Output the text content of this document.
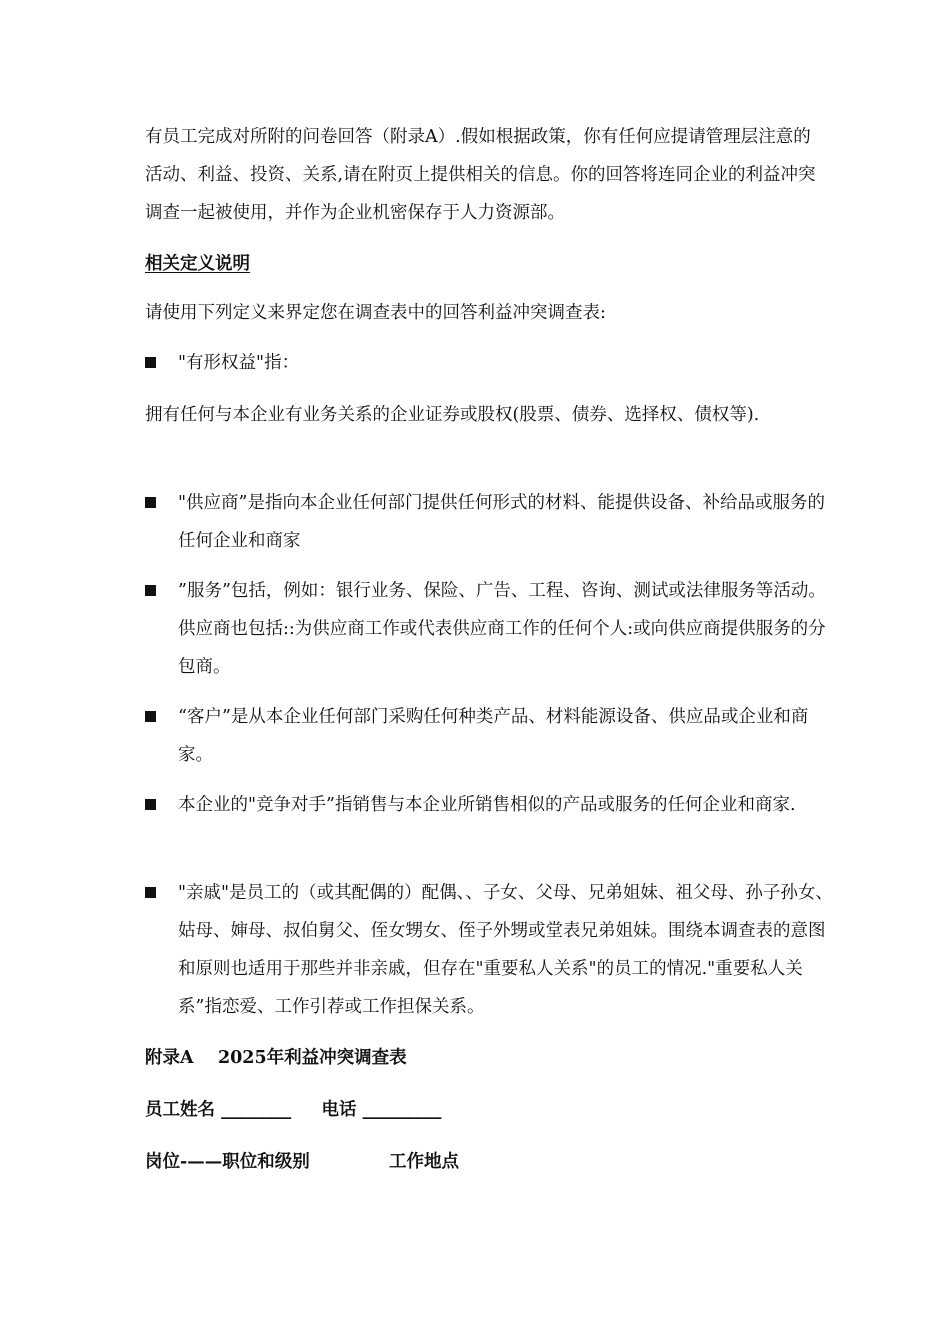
有员工完成对所附的问卷回答（附录A）.假如根据政策，你有任何应提请管理层注意的活动、利益、投资、关系,请在附页上提供相关的信息。你的回答将连同企业的利益冲突调查一起被使用，并作为企业机密保存于人力资源部。

相关定义说明

请使用下列定义来界定您在调查表中的回答利益冲突调查表:

"有形权益"指：

拥有任何与本企业有业务关系的企业证券或股权(股票、债券、选择权、债权等).

"供应商”是指向本企业任何部门提供任何形式的材料、能提供设备、补给品或服务的任何企业和商家
”服务”包括，例如：银行业务、保险、广告、工程、咨询、测试或法律服务等活动。供应商也包括::为供应商工作或代表供应商工作的任何个人:或向供应商提供服务的分包商。
“客户”是从本企业任何部门采购任何种类产品、材料能源设备、供应品或企业和商家。
本企业的"竞争对手”指销售与本企业所销售相似的产品或服务的任何企业和商家.
"亲戚"是员工的（或其配偶的）配偶、、子女、父母、兄弟姐妹、祖父母、孙子孙女、姑母、婶母、叔伯舅父、侄女甥女、侄子外甥或堂表兄弟姐妹。围绕本调查表的意图和原则也适用于那些并非亲戚，但存在"重要私人关系"的员工的情况."重要私人关系”指恋爱、工作引荐或工作担保关系。

附录A    2025年利益冲突调查表

员工姓名 ________     电话 _________
岗位-——职位和级别             工作地点
